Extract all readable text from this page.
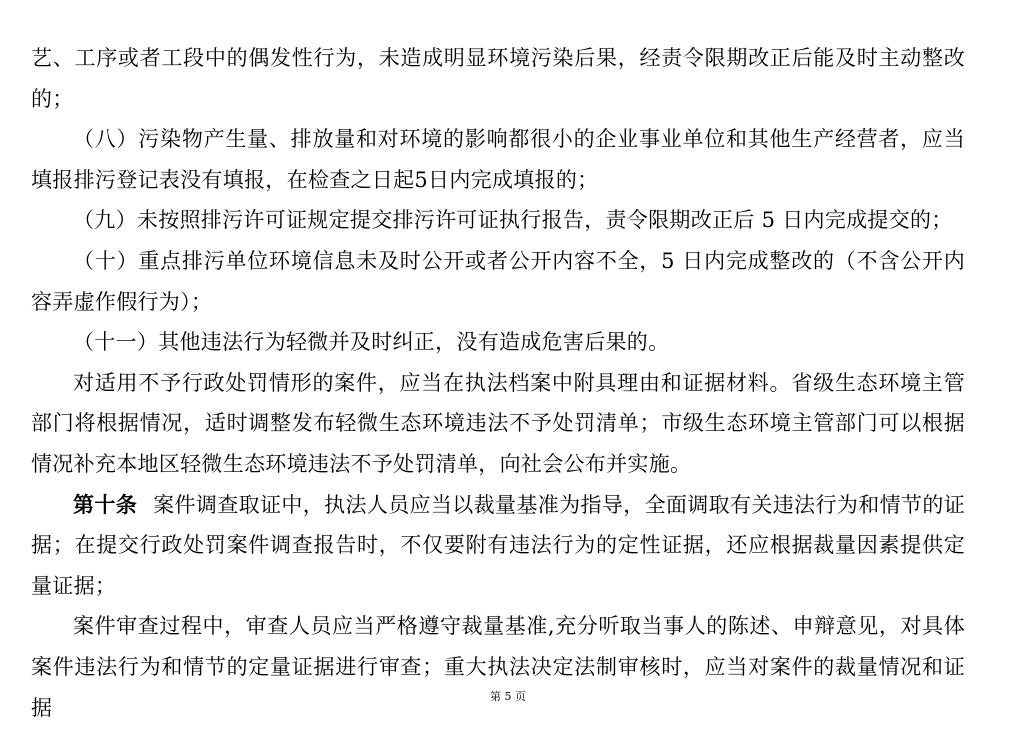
艺、工序或者工段中的偶发性行为，未造成明显环境污染后果，经责令限期改正后能及时主动整改的；

（八）污染物产生量、排放量和对环境的影响都很小的企业事业单位和其他生产经营者，应当填报排污登记表没有填报，在检查之日起5日内完成填报的；

（九）未按照排污许可证规定提交排污许可证执行报告，责令限期改正后 5 日内完成提交的；

（十）重点排污单位环境信息未及时公开或者公开内容不全，5 日内完成整改的（不含公开内容弄虚作假行为）；

（十一）其他违法行为轻微并及时纠正，没有造成危害后果的。

对适用不予行政处罚情形的案件，应当在执法档案中附具理由和证据材料。省级生态环境主管部门将根据情况，适时调整发布轻微生态环境违法不予处罚清单；市级生态环境主管部门可以根据情况补充本地区轻微生态环境违法不予处罚清单，向社会公布并实施。

第十条 案件调查取证中，执法人员应当以裁量基准为指导，全面调取有关违法行为和情节的证据；在提交行政处罚案件调查报告时，不仅要附有违法行为的定性证据，还应根据裁量因素提供定量证据；

案件审查过程中，审查人员应当严格遵守裁量基准,充分听取当事人的陈述、申辩意见，对具体案件违法行为和情节的定量证据进行审查；重大执法决定法制审核时，应当对案件的裁量情况和证据	第 5 页
